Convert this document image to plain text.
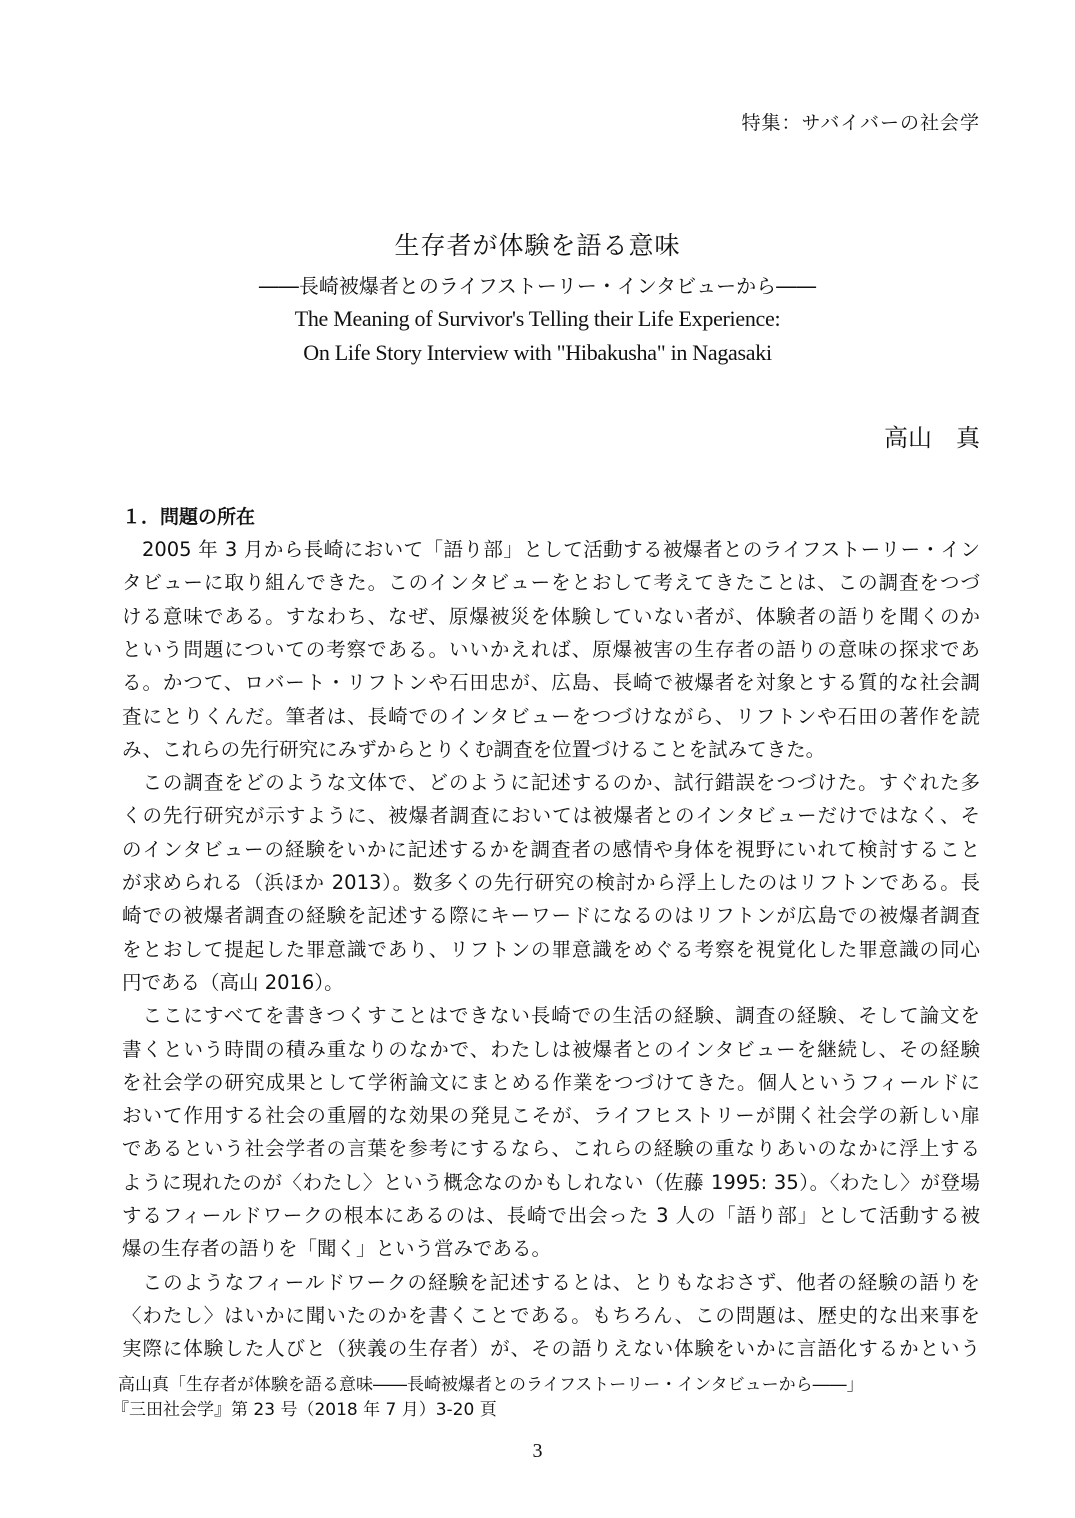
特集：サバイバーの社会学
生存者が体験を語る意味
――長崎被爆者とのライフストーリー・インタビューから――
The Meaning of Survivor's Telling their Life Experience:
On Life Story Interview with "Hibakusha" in Nagasaki
高山　真
１．問題の所在
　2005 年 3 月から長崎において「語り部」として活動する被爆者とのライフストーリー・イン
タビューに取り組んできた。このインタビューをとおして考えてきたことは、この調査をつづ
ける意味である。すなわち、なぜ、原爆被災を体験していない者が、体験者の語りを聞くのか
という問題についての考察である。いいかえれば、原爆被害の生存者の語りの意味の探求であ
る。かつて、ロバート・リフトンや石田忠が、広島、長崎で被爆者を対象とする質的な社会調
査にとりくんだ。筆者は、長崎でのインタビューをつづけながら、リフトンや石田の著作を読
み、これらの先行研究にみずからとりくむ調査を位置づけることを試みてきた。
　この調査をどのような文体で、どのように記述するのか、試行錯誤をつづけた。すぐれた多
くの先行研究が示すように、被爆者調査においては被爆者とのインタビューだけではなく、そ
のインタビューの経験をいかに記述するかを調査者の感情や身体を視野にいれて検討すること
が求められる（浜ほか 2013）。数多くの先行研究の検討から浮上したのはリフトンである。長
崎での被爆者調査の経験を記述する際にキーワードになるのはリフトンが広島での被爆者調査
をとおして提起した罪意識であり、リフトンの罪意識をめぐる考察を視覚化した罪意識の同心
円である（高山 2016）。
　ここにすべてを書きつくすことはできない長崎での生活の経験、調査の経験、そして論文を
書くという時間の積み重なりのなかで、わたしは被爆者とのインタビューを継続し、その経験
を社会学の研究成果として学術論文にまとめる作業をつづけてきた。個人というフィールドに
おいて作用する社会の重層的な効果の発見こそが、ライフヒストリーが開く社会学の新しい扉
であるという社会学者の言葉を参考にするなら、これらの経験の重なりあいのなかに浮上する
ように現れたのが〈わたし〉という概念なのかもしれない（佐藤 1995: 35）。〈わたし〉が登場
するフィールドワークの根本にあるのは、長崎で出会った 3 人の「語り部」として活動する被
爆の生存者の語りを「聞く」という営みである。
　このようなフィールドワークの経験を記述するとは、とりもなおさず、他者の経験の語りを
〈わたし〉はいかに聞いたのかを書くことである。もちろん、この問題は、歴史的な出来事を
実際に体験した人びと（狭義の生存者）が、その語りえない体験をいかに言語化するかという
高山真「生存者が体験を語る意味――長崎被爆者とのライフストーリー・インタビューから――」
『三田社会学』第 23 号（2018 年 7 月）3-20 頁
3
